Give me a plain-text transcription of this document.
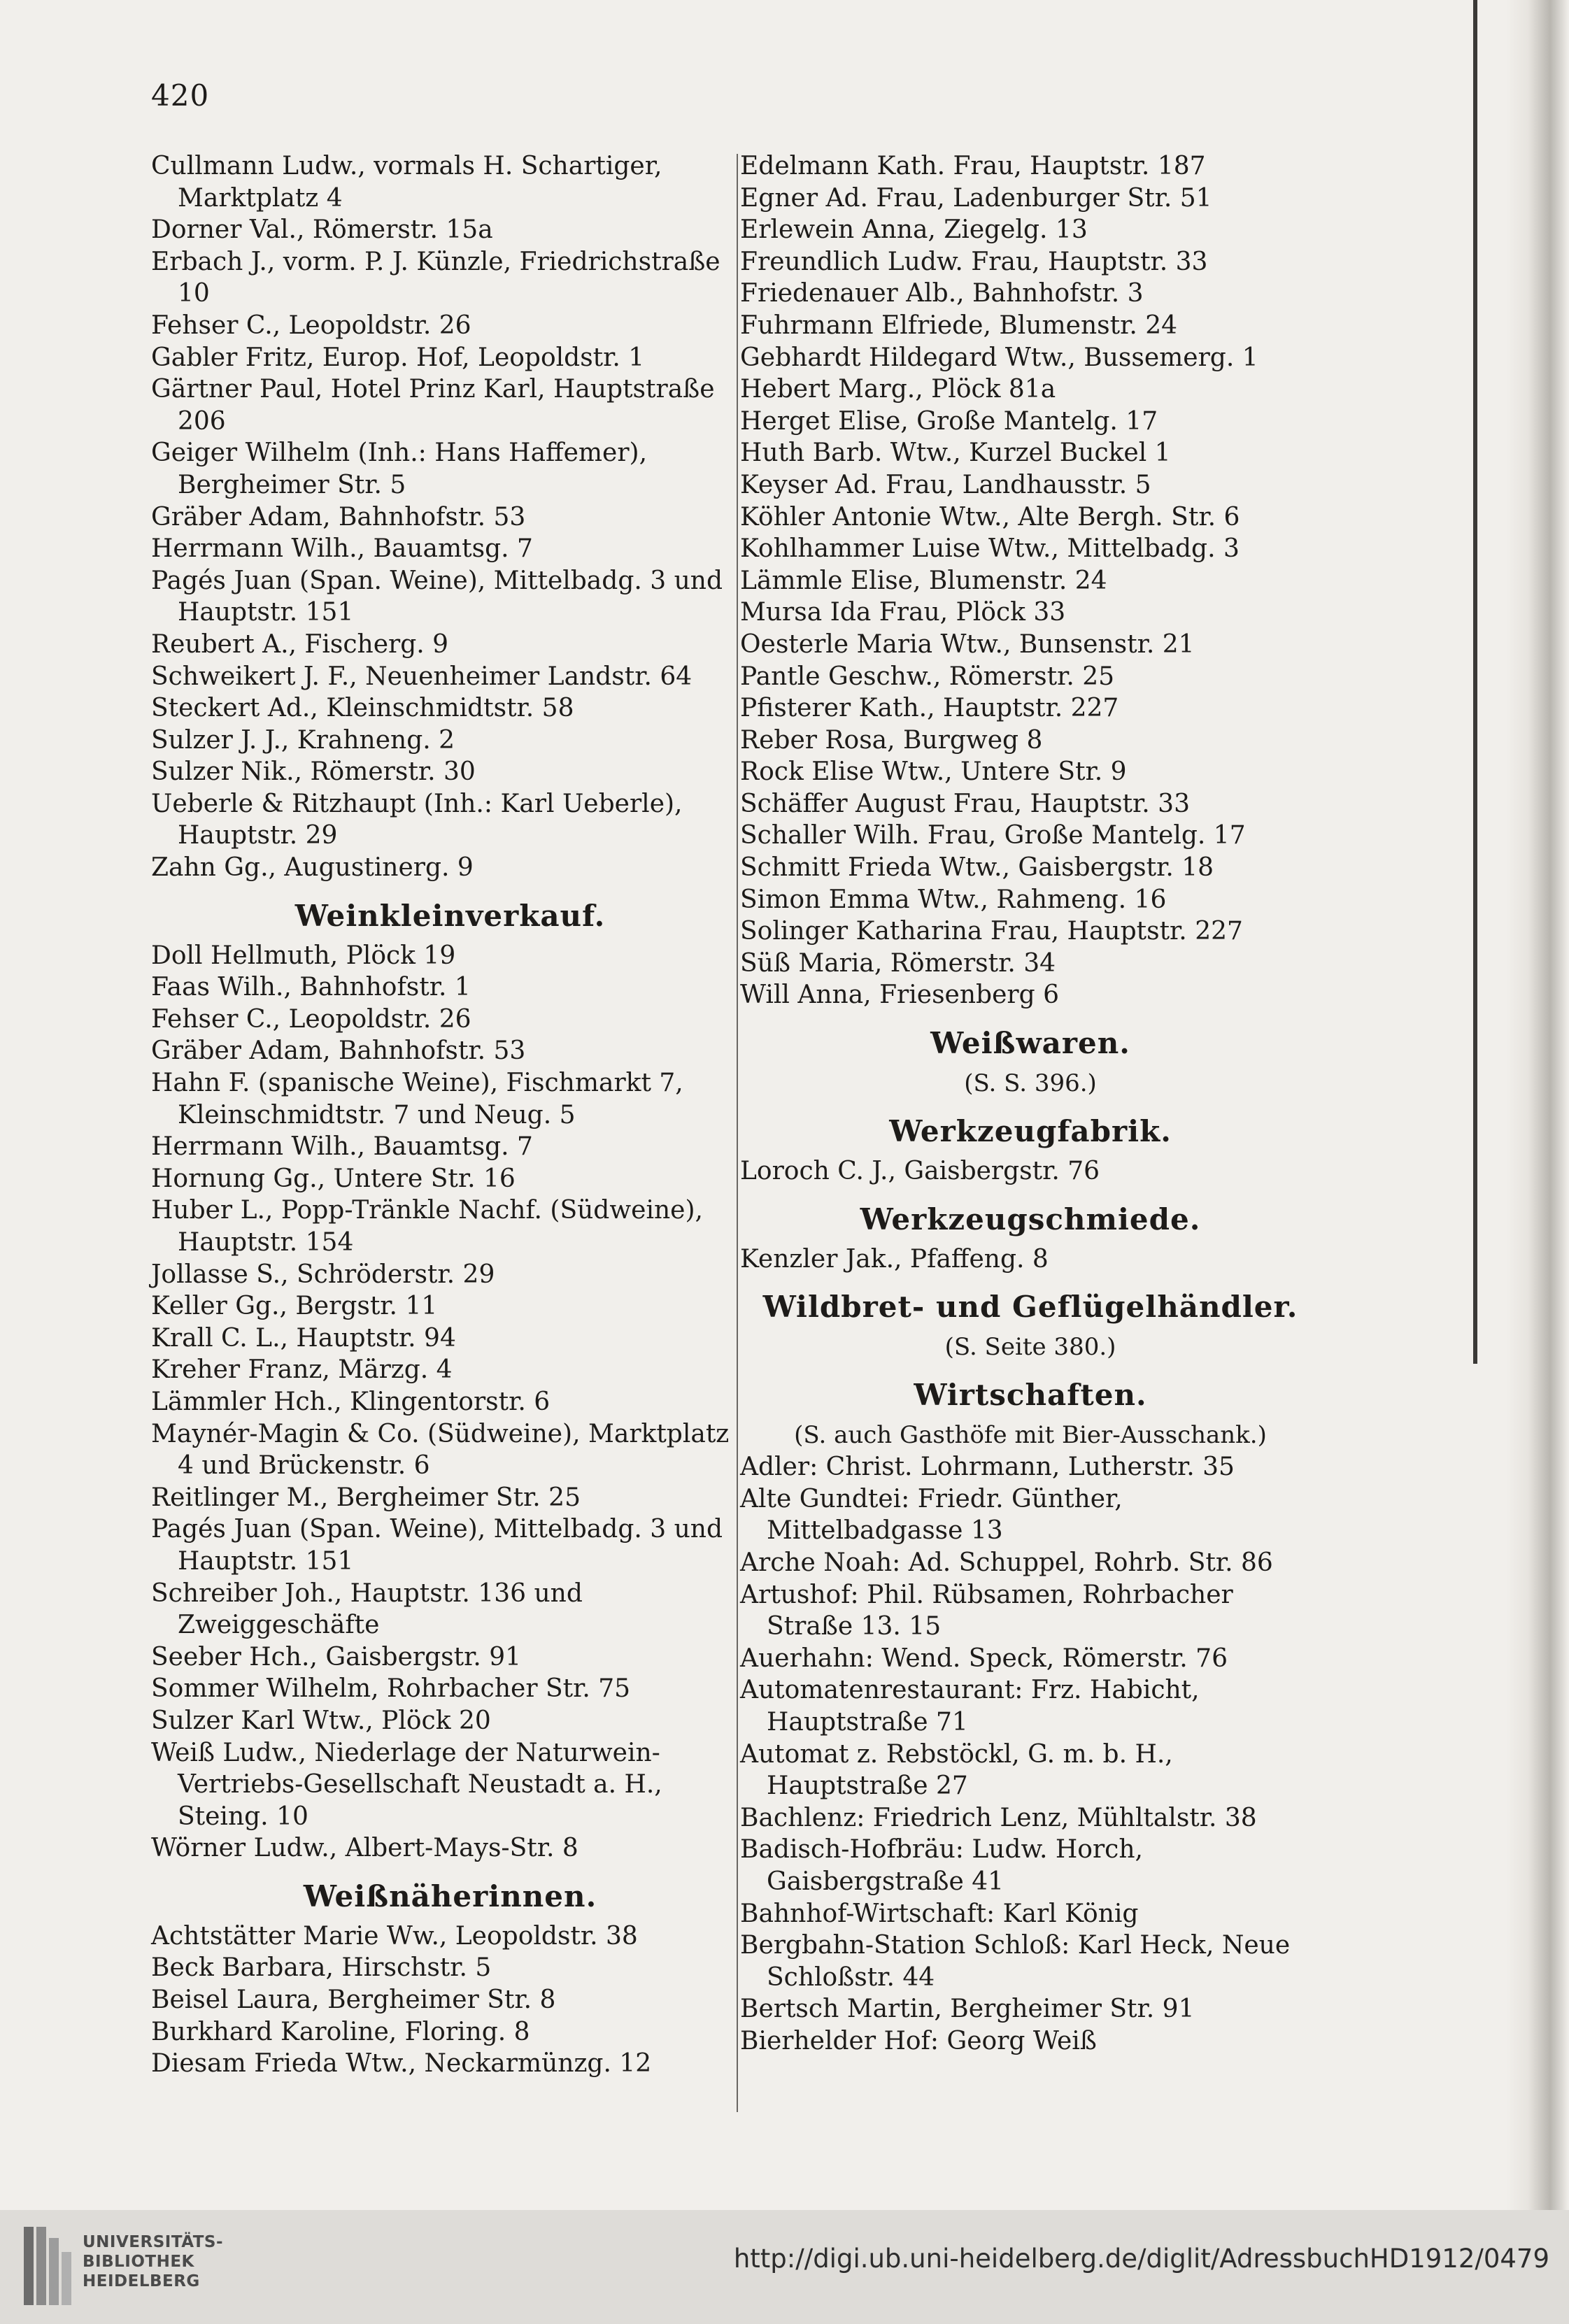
420
Cullmann Ludw., vormals H. Schartiger, Marktplatz 4
Dorner Val., Römerstr. 15a
Erbach J., vorm. P. J. Künzle, Friedrichstraße 10
Fehser C., Leopoldstr. 26
Gabler Fritz, Europ. Hof, Leopoldstr. 1
Gärtner Paul, Hotel Prinz Karl, Hauptstraße 206
Geiger Wilhelm (Inh.: Hans Haffemer), Bergheimer Str. 5
Gräber Adam, Bahnhofstr. 53
Herrmann Wilh., Bauamtsg. 7
Pagés Juan (Span. Weine), Mittelbadg. 3 und Hauptstr. 151
Reubert A., Fischerg. 9
Schweikert J. F., Neuenheimer Landstr. 64
Steckert Ad., Kleinschmidtstr. 58
Sulzer J. J., Krahneng. 2
Sulzer Nik., Römerstr. 30
Ueberle & Ritzhaupt (Inh.: Karl Ueberle), Hauptstr. 29
Zahn Gg., Augustinerg. 9
Weinkleinverkauf.
Doll Hellmuth, Plöck 19
Faas Wilh., Bahnhofstr. 1
Fehser C., Leopoldstr. 26
Gräber Adam, Bahnhofstr. 53
Hahn F. (spanische Weine), Fischmarkt 7, Kleinschmidtstr. 7 und Neug. 5
Herrmann Wilh., Bauamtsg. 7
Hornung Gg., Untere Str. 16
Huber L., Popp-Tränkle Nachf. (Südweine), Hauptstr. 154
Jollasse S., Schröderstr. 29
Keller Gg., Bergstr. 11
Krall C. L., Hauptstr. 94
Kreher Franz, Märzg. 4
Lämmler Hch., Klingentorstr. 6
Maynér-Magin & Co. (Südweine), Marktplatz 4 und Brückenstr. 6
Reitlinger M., Bergheimer Str. 25
Pagés Juan (Span. Weine), Mittelbadg. 3 und Hauptstr. 151
Schreiber Joh., Hauptstr. 136 und Zweiggeschäfte
Seeber Hch., Gaisbergstr. 91
Sommer Wilhelm, Rohrbacher Str. 75
Sulzer Karl Wtw., Plöck 20
Weiß Ludw., Niederlage der Naturwein-Vertriebs-Gesellschaft Neustadt a. H., Steing. 10
Wörner Ludw., Albert-Mays-Str. 8
Weißnäherinnen.
Achtstätter Marie Ww., Leopoldstr. 38
Beck Barbara, Hirschstr. 5
Beisel Laura, Bergheimer Str. 8
Burkhard Karoline, Floring. 8
Diesam Frieda Wtw., Neckarmünzg. 12
Edelmann Kath. Frau, Hauptstr. 187
Egner Ad. Frau, Ladenburger Str. 51
Erlewein Anna, Ziegelg. 13
Freundlich Ludw. Frau, Hauptstr. 33
Friedenauer Alb., Bahnhofstr. 3
Fuhrmann Elfriede, Blumenstr. 24
Gebhardt Hildegard Wtw., Bussemerg. 1
Hebert Marg., Plöck 81a
Herget Elise, Große Mantelg. 17
Huth Barb. Wtw., Kurzel Buckel 1
Keyser Ad. Frau, Landhausstr. 5
Köhler Antonie Wtw., Alte Bergh. Str. 6
Kohlhammer Luise Wtw., Mittelbadg. 3
Lämmle Elise, Blumenstr. 24
Mursa Ida Frau, Plöck 33
Oesterle Maria Wtw., Bunsenstr. 21
Pantle Geschw., Römerstr. 25
Pfisterer Kath., Hauptstr. 227
Reber Rosa, Burgweg 8
Rock Elise Wtw., Untere Str. 9
Schäffer August Frau, Hauptstr. 33
Schaller Wilh. Frau, Große Mantelg. 17
Schmitt Frieda Wtw., Gaisbergstr. 18
Simon Emma Wtw., Rahmeng. 16
Solinger Katharina Frau, Hauptstr. 227
Süß Maria, Römerstr. 34
Will Anna, Friesenberg 6
Weißwaren.
(S. S. 396.)
Werkzeugfabrik.
Loroch C. J., Gaisbergstr. 76
Werkzeugschmiede.
Kenzler Jak., Pfaffeng. 8
Wildbret- und Geflügelhändler.
(S. Seite 380.)
Wirtschaften.
(S. auch Gasthöfe mit Bier-Ausschank.)
Adler: Christ. Lohrmann, Lutherstr. 35
Alte Gundtei: Friedr. Günther, Mittelbadgasse 13
Arche Noah: Ad. Schuppel, Rohrb. Str. 86
Artushof: Phil. Rübsamen, Rohrbacher Straße 13. 15
Auerhahn: Wend. Speck, Römerstr. 76
Automatenrestaurant: Frz. Habicht, Hauptstraße 71
Automat z. Rebstöckl, G. m. b. H., Hauptstraße 27
Bachlenz: Friedrich Lenz, Mühltalstr. 38
Badisch-Hofbräu: Ludw. Horch, Gaisbergstraße 41
Bahnhof-Wirtschaft: Karl König
Bergbahn-Station Schloß: Karl Heck, Neue Schloßstr. 44
Bertsch Martin, Bergheimer Str. 91
Bierhelder Hof: Georg Weiß
UNIVERSITÄTS-
BIBLIOTHEK
HEIDELBERG
http://digi.ub.uni-heidelberg.de/diglit/AdressbuchHD1912/0479
